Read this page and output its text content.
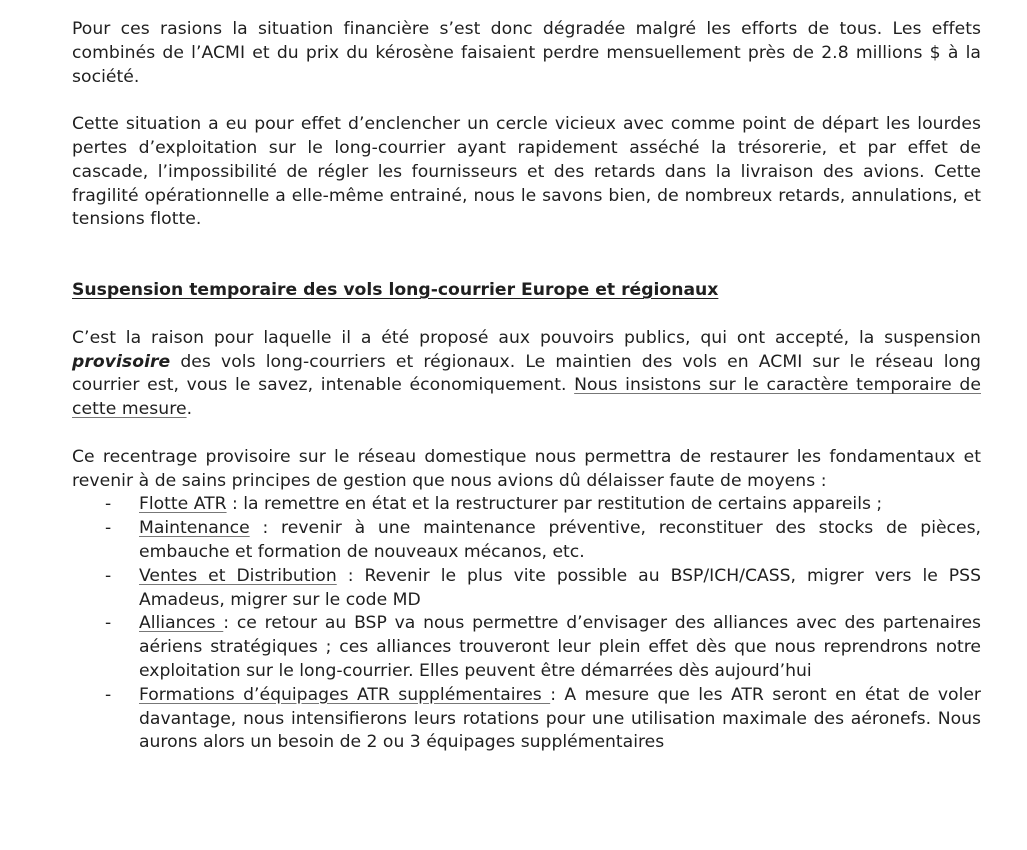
Pour ces rasions la situation financière s’est donc dégradée malgré les efforts de tous. Les effets combinés de l’ACMI et du prix du kérosène faisaient perdre mensuellement près de 2.8 millions $ à la société.

Cette situation a eu pour effet d’enclencher un cercle vicieux avec comme point de départ les lourdes pertes d’exploitation sur le long-courrier ayant rapidement asséché la trésorerie, et par effet de cascade, l’impossibilité de régler les fournisseurs et des retards dans la livraison des avions. Cette fragilité opérationnelle a elle-même entrainé, nous le savons bien, de nombreux retards, annulations, et tensions flotte.

Suspension temporaire des vols long-courrier Europe et régionaux

C’est la raison pour laquelle il a été proposé aux pouvoirs publics, qui ont accepté, la suspension provisoire des vols long-courriers et régionaux. Le maintien des vols en ACMI sur le réseau long courrier est, vous le savez, intenable économiquement. Nous insistons sur le caractère temporaire de cette mesure.

Ce recentrage provisoire sur le réseau domestique nous permettra de restaurer les fondamentaux et revenir à de sains principes de gestion que nous avions dû délaisser faute de moyens :

- Flotte ATR : la remettre en état et la restructurer par restitution de certains appareils ;
- Maintenance : revenir à une maintenance préventive, reconstituer des stocks de pièces, embauche et formation de nouveaux mécanos, etc.
- Ventes et Distribution : Revenir le plus vite possible au BSP/ICH/CASS, migrer vers le PSS Amadeus, migrer sur le code MD
- Alliances : ce retour au BSP va nous permettre d’envisager des alliances avec des partenaires aériens stratégiques ; ces alliances trouveront leur plein effet dès que nous reprendrons notre exploitation sur le long-courrier. Elles peuvent être démarrées dès aujourd’hui
- Formations d’équipages ATR supplémentaires : A mesure que les ATR seront en état de voler davantage, nous intensifierons leurs rotations pour une utilisation maximale des aéronefs. Nous aurons alors un besoin de 2 ou 3 équipages supplémentaires
